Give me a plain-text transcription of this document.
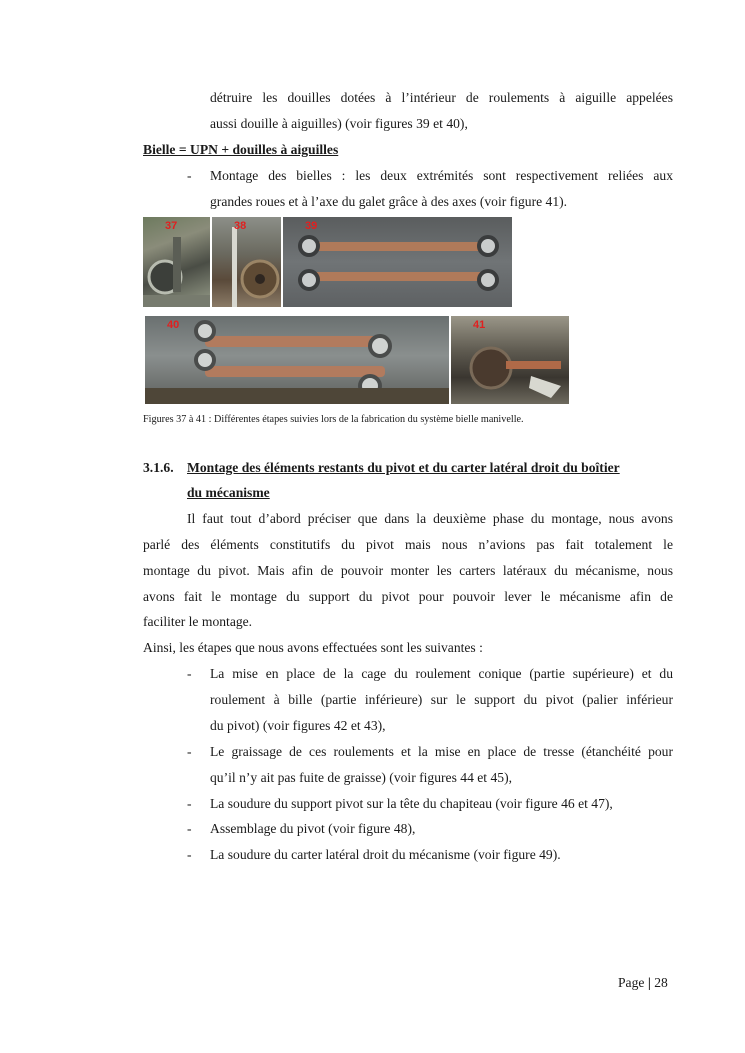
détruire les douilles dotées à l’intérieur de roulements à aiguille appelées
aussi douille à aiguilles) (voir figures 39 et 40),
Bielle = UPN + douilles à aiguilles
- Montage des bielles : les deux extrémités sont respectivement reliées aux
grandes roues et à l’axe du galet grâce à des axes (voir figure 41).
37	38	39
40	41
Figures 37 à 41 : Différentes étapes suivies lors de la fabrication du système bielle manivelle.
3.1.6. Montage des éléments restants du pivot et du carter latéral droit du boîtier
du mécanisme
Il faut tout d’abord préciser que dans la deuxième phase du montage, nous avons
parlé des éléments constitutifs du pivot mais nous n’avions pas fait totalement le
montage du pivot. Mais afin de pouvoir monter les carters latéraux du mécanisme, nous
avons fait le montage du support du pivot pour pouvoir lever le mécanisme afin de
faciliter le montage.
Ainsi, les étapes que nous avons effectuées sont les suivantes :
- La mise en place de la cage du roulement conique (partie supérieure) et du
roulement à bille (partie inférieure) sur le support du pivot (palier inférieur
du pivot) (voir figures 42 et 43),
- Le graissage de ces roulements et la mise en place de tresse (étanchéité pour
qu’il n’y ait pas fuite de graisse) (voir figures 44 et 45),
- La soudure du support pivot sur la tête du chapiteau (voir figure 46 et 47),
- Assemblage du pivot (voir figure 48),
- La soudure du carter latéral droit du mécanisme (voir figure 49).
Page | 28
